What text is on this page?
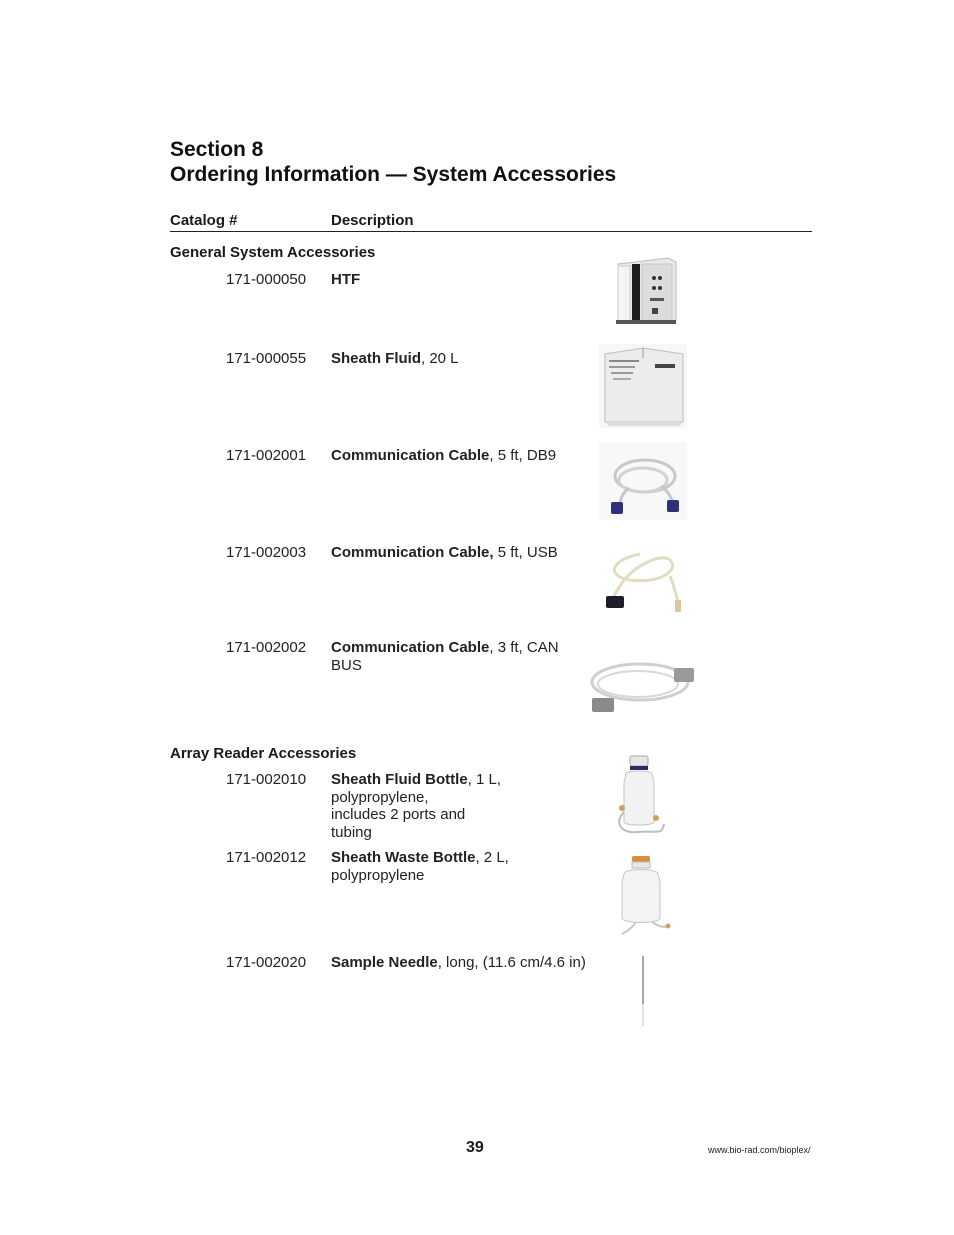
Section 8
Ordering Information — System Accessories
Catalog #	Description
General System Accessories
171-000050 HTF
171-000055 Sheath Fluid, 20 L
171-002001 Communication Cable, 5 ft, DB9
171-002003 Communication Cable, 5 ft, USB
171-002002 Communication Cable, 3 ft, CAN
BUS
Array Reader Accessories
171-002010 Sheath Fluid Bottle, 1 L,
polypropylene,
includes 2 ports and
tubing
171-002012 Sheath Waste Bottle, 2 L,
polypropylene
171-002020 Sample Needle, long, (11.6 cm/4.6 in)
39	www.bio-rad.com/bioplex/
